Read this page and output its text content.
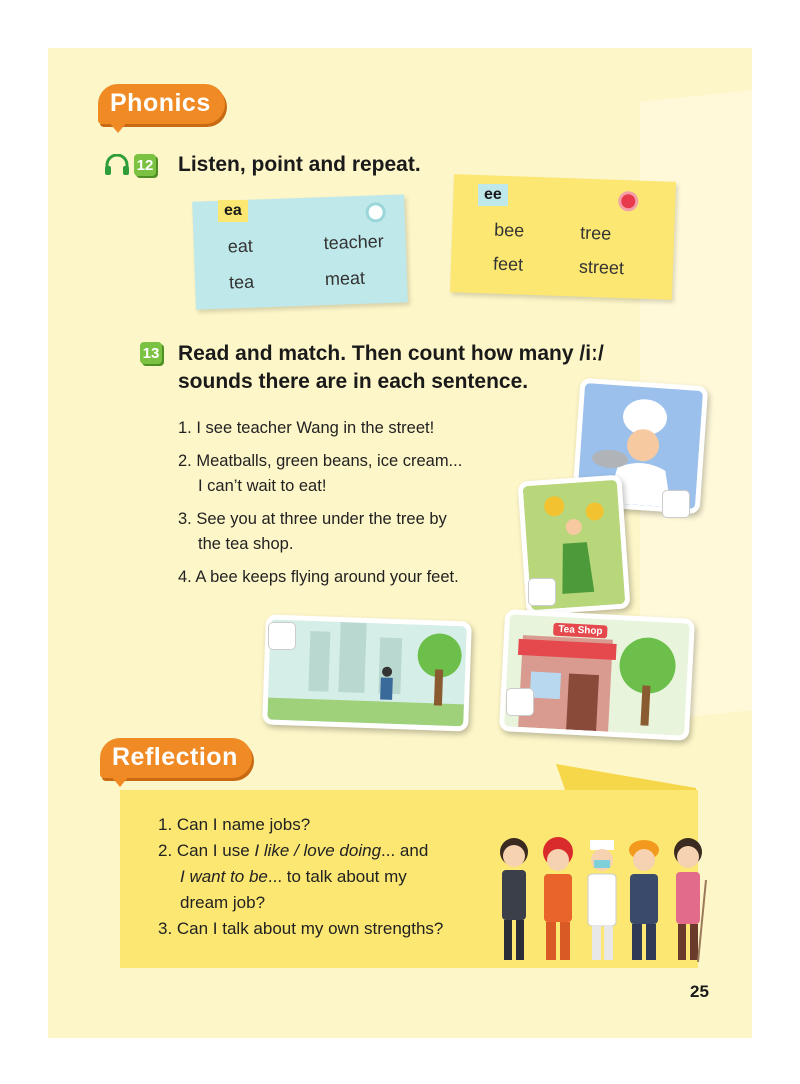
Phonics
12 Listen, point and repeat.
eat	teacher
tea	meat
ea
bee	tree
feet	street
ee
13 Read and match. Then count how many /iː/
sounds there are in each sentence.
1. I see teacher Wang in the street!
2. Meatballs, green beans, ice cream...
I can’t wait to eat!
3. See you at three under the tree by
the tea shop.
4. A bee keeps flying around your feet.
Tea Shop
Reflection
1. Can I name jobs?
2. Can I use I like / love doing... and
I want to be... to talk about my
dream job?
3. Can I talk about my own strengths?
25
